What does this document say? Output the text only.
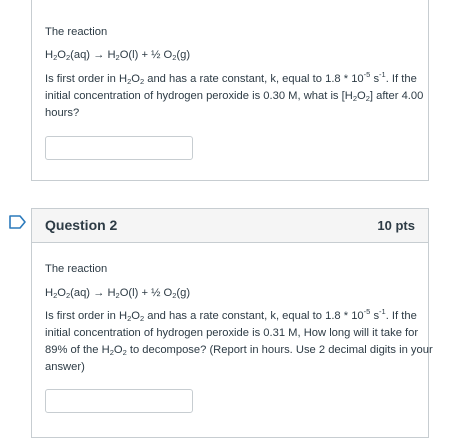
The reaction
$H_2O_2(aq) \to H_2O(l)$ + ½ $O_2(g)$
Is first order in $H_2O_2$ and has a rate constant, k, equal to $1.8 * 10^{-5}$ $s^{-1}$. If the
initial concentration of hydrogen peroxide is 0.30 M, what is $[H_2O_2]$ after 4.00
hours?
Question 2	10 pts
The reaction
$H_2O_2(aq) \to H_2O(l)$ + ½ $O_2(g)$
Is first order in $H_2O_2$ and has a rate constant, k, equal to $1.8 * 10^{-5}$ $s^{-1}$. If the
initial concentration of hydrogen peroxide is 0.31 M, How long will it take for
89% of the $H_2O_2$ to decompose? (Report in hours. Use 2 decimal digits in your
answer)
